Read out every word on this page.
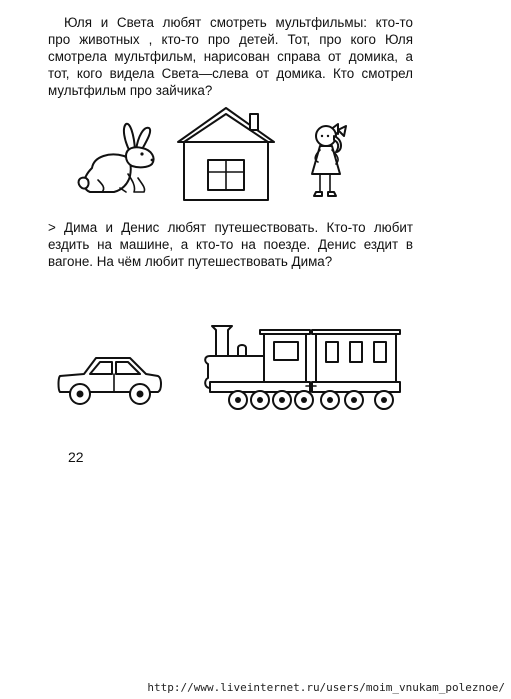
Юля и Света любят смотреть мультфильмы: кто-то
про животных , кто-то про детей. Тот, про кого Юля
смотрела мультфильм, нарисован справа от домика, а
тот, кого видела Света—слева от домика. Кто смотрел
мультфильм про зайчика?
> Дима и Денис любят путешествовать. Кто-то любит
ездить на машине, а кто-то на поезде. Денис ездит в
вагоне. На чём любит путешествовать Дима?
22
http://www.liveinternet.ru/users/moim_vnukam_poleznoe/
